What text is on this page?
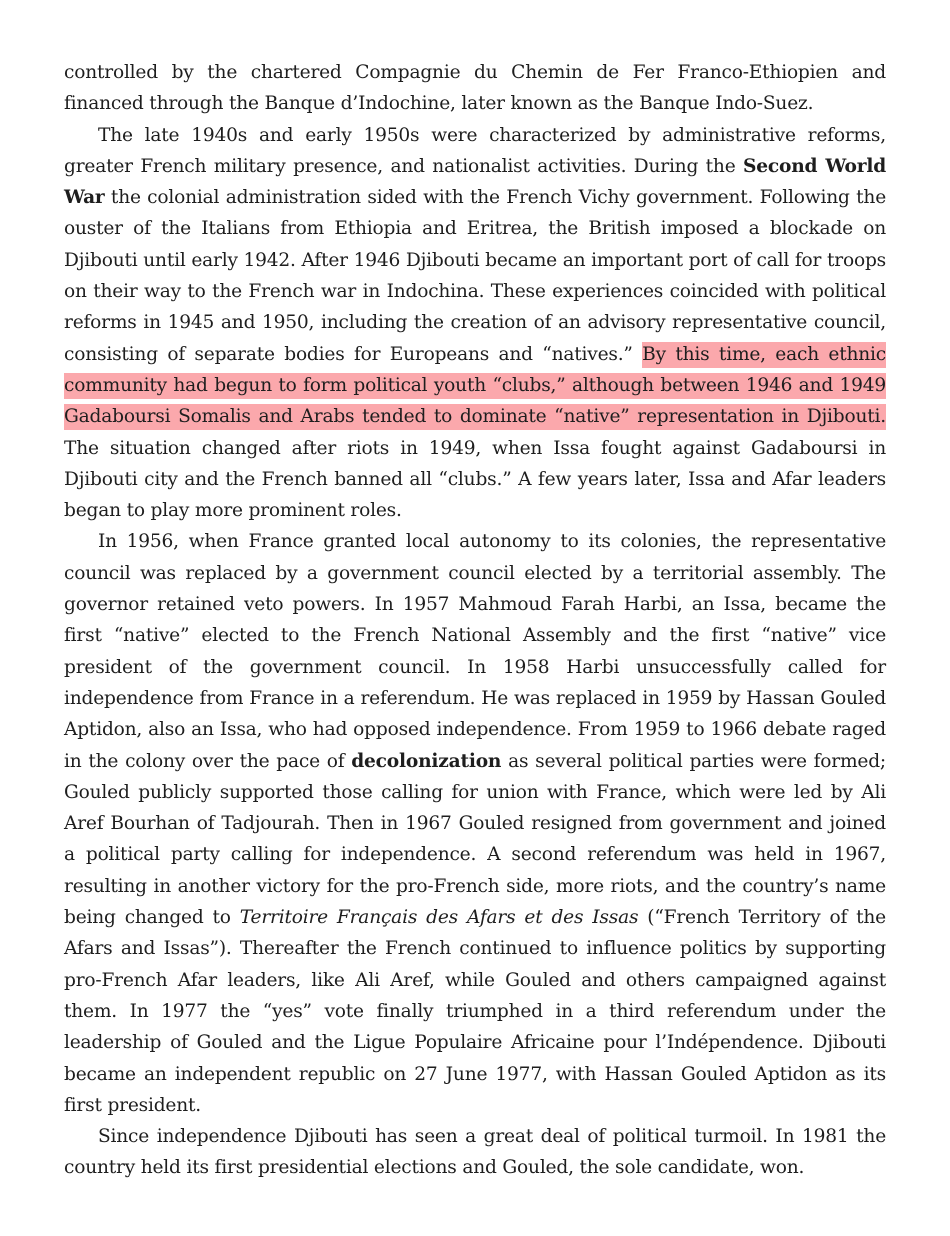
controlled by the chartered Compagnie du Chemin de Fer Franco-Ethiopien and financed through the Banque d’Indochine, later known as the Banque Indo-Suez.

The late 1940s and early 1950s were characterized by administrative reforms, greater French military presence, and nationalist activities. During the Second World War the colonial administration sided with the French Vichy government. Following the ouster of the Italians from Ethiopia and Eritrea, the British imposed a blockade on Djibouti until early 1942. After 1946 Djibouti became an important port of call for troops on their way to the French war in Indochina. These experiences coincided with political reforms in 1945 and 1950, including the creation of an advisory representative council, consisting of separate bodies for Europeans and “natives.” By this time, each ethnic community had begun to form political youth “clubs,” although between 1946 and 1949 Gadaboursi Somalis and Arabs tended to dominate “native” representation in Djibouti. The situation changed after riots in 1949, when Issa fought against Gadaboursi in Djibouti city and the French banned all “clubs.” A few years later, Issa and Afar leaders began to play more prominent roles.

In 1956, when France granted local autonomy to its colonies, the representative council was replaced by a government council elected by a territorial assembly. The governor retained veto powers. In 1957 Mahmoud Farah Harbi, an Issa, became the first “native” elected to the French National Assembly and the first “native” vice president of the government council. In 1958 Harbi unsuccessfully called for independence from France in a referendum. He was replaced in 1959 by Hassan Gouled Aptidon, also an Issa, who had opposed independence. From 1959 to 1966 debate raged in the colony over the pace of decolonization as several political parties were formed; Gouled publicly supported those calling for union with France, which were led by Ali Aref Bourhan of Tadjourah. Then in 1967 Gouled resigned from government and joined a political party calling for independence. A second referendum was held in 1967, resulting in another victory for the pro-French side, more riots, and the country’s name being changed to Territoire Français des Afars et des Issas (“French Territory of the Afars and Issas”). Thereafter the French continued to influence politics by supporting pro-French Afar leaders, like Ali Aref, while Gouled and others campaigned against them. In 1977 the “yes” vote finally triumphed in a third referendum under the leadership of Gouled and the Ligue Populaire Africaine pour l’Indépendence. Djibouti became an independent republic on 27 June 1977, with Hassan Gouled Aptidon as its first president.

Since independence Djibouti has seen a great deal of political turmoil. In 1981 the country held its first presidential elections and Gouled, the sole candidate, won.
